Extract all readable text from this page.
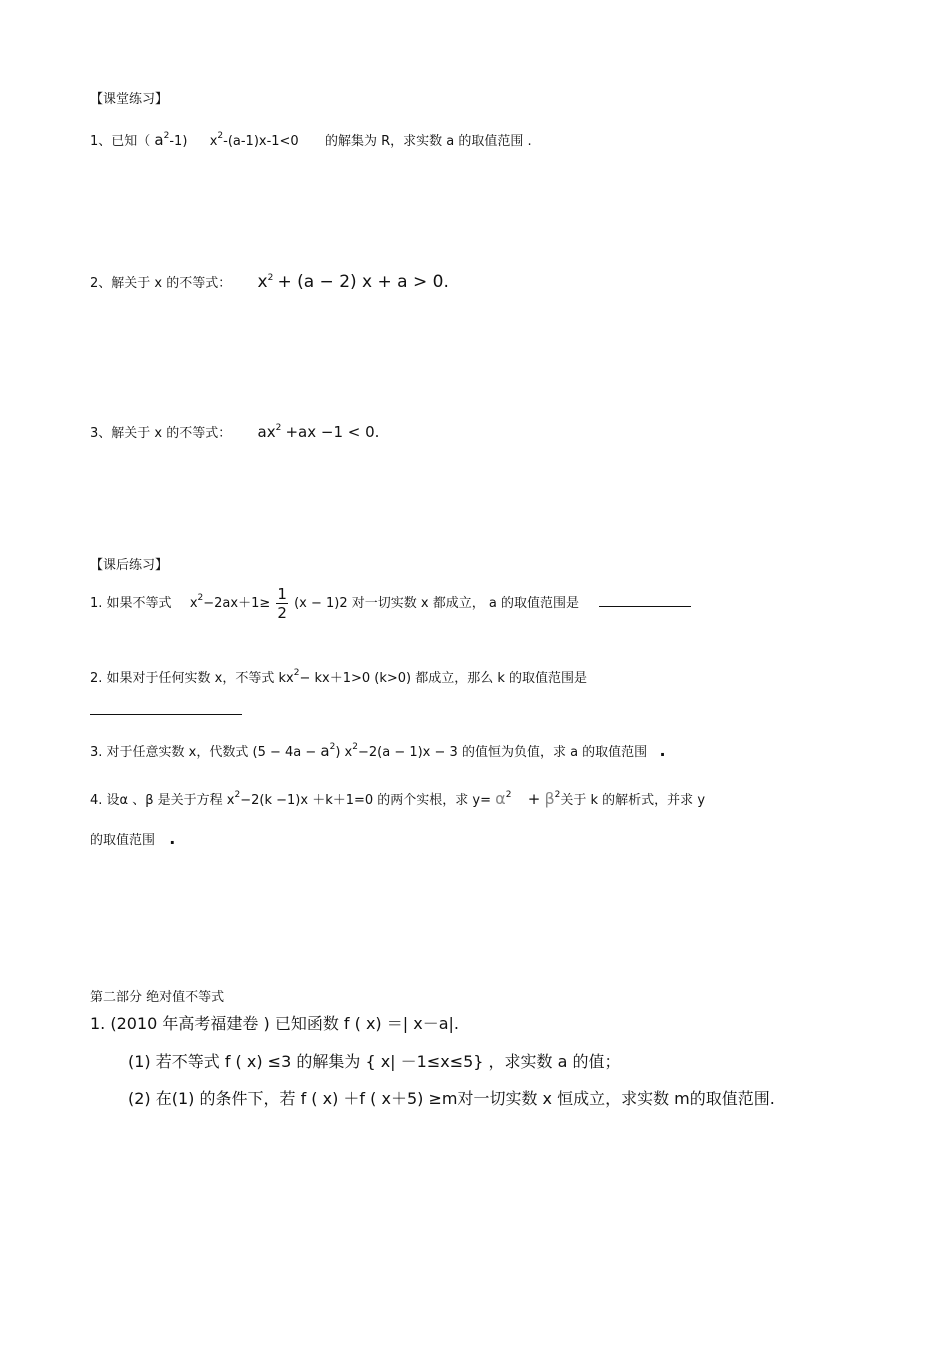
【课堂练习】
1、已知（ $a^2-1$) $x^2-(a-1)x-1<0$ 的解集为 R，求实数 a 的取值范围 .
2、解关于 x 的不等式： $x^2 + (a - 2) x + a > 0$.
3、解关于 x 的不等式： $ax^2 +ax -1 < 0$.
【课后练习】
1. 如果不等式 $x^2-2ax+1\ge \frac{1}{2} (x - 1)2$ 对一切实数 x 都成立， a 的取值范围是
2. 如果对于任何实数 x，不等式 $kx^2- kx+1>0$ (k>0) 都成立，那么 k 的取值范围是
3. 对于任意实数 x，代数式 $(5 - 4a - a^2)$ $x^2-2(a - 1)x - 3$ 的值恒为负值，求 a 的取值范围 .
4. 设α 、β 是关于方程 $x^2-2(k -1)x +k+1=0$ 的两个实根，求 $y= \alpha^2 + \beta^2$关于 k 的解析式，并求 y
的取值范围 .
第二部分 绝对值不等式
1. (2010 年高考福建卷 ) 已知函数 f ( x) ＝| x－a|.
(1) 若不等式 f ( x) ≤3 的解集为 { x| －1≤x≤5} ，求实数 a 的值；
(2) 在(1) 的条件下，若 f ( x) ＋f ( x＋5) ≥m对一切实数 x 恒成立，求实数 m的取值范围.
